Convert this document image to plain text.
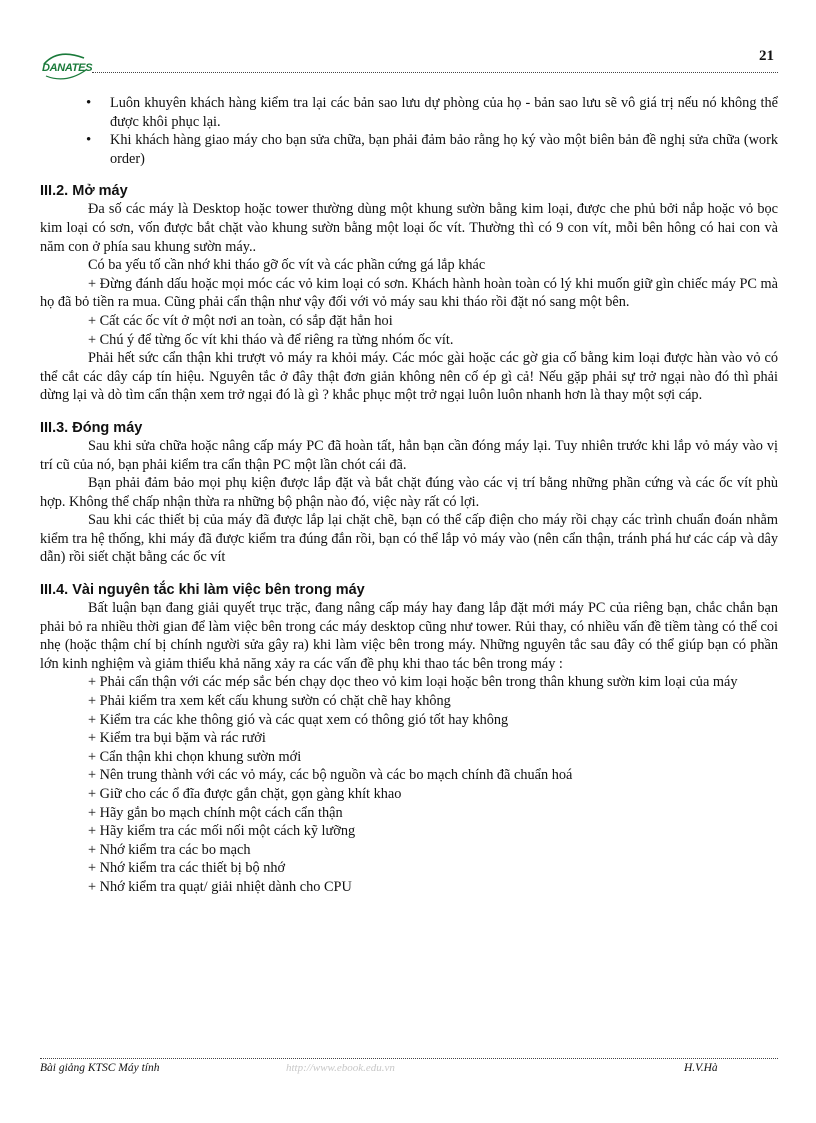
DANATES
21
• Luôn khuyên khách hàng kiểm tra lại các bản sao lưu dự phòng của họ - bản sao lưu sẽ vô giá trị nếu nó không thể được khôi phục lại.
• Khi khách hàng giao máy cho bạn sửa chữa, bạn phải đảm bảo rằng họ ký vào một biên bản đề nghị sửa chữa (work order)
III.2. Mở máy

Đa số các máy là Desktop hoặc tower thường dùng một khung sườn bằng kim loại, được che phủ bởi nắp hoặc vỏ bọc kim loại có sơn, vốn được bắt chặt vào khung sườn bằng một loại ốc vít. Thường thì có 9 con vít, mỗi bên hông có hai con và năm con ở phía sau khung sườn máy..

Có ba yếu tố cần nhớ khi tháo gỡ ốc vít và các phần cứng gá lắp khác

+ Đừng đánh dấu hoặc mọi móc các vỏ kim loại có sơn. Khách hành hoàn toàn có lý khi muốn giữ gìn chiếc máy PC mà họ đã bỏ tiền ra mua. Cũng phải cẩn thận như vậy đối với vỏ máy sau khi tháo rồi đặt nó sang một bên.

+ Cất các ốc vít ở một nơi an toàn, có sắp đặt hẳn hoi

+ Chú ý để từng ốc vít khi tháo và để riêng ra từng nhóm ốc vít.

Phải hết sức cẩn thận khi trượt vỏ máy ra khỏi máy. Các móc gài hoặc các gờ gia cố bằng kim loại được hàn vào vỏ có thể cắt các dây cáp tín hiệu. Nguyên tắc ở đây thật đơn giản không nên cố ép gì cả! Nếu gặp phải sự trở ngại nào đó thì phải dừng lại và dò tìm cẩn thận xem trở ngại đó là gì ? khắc phục một trở ngại luôn luôn nhanh hơn là thay một sợi cáp.

III.3. Đóng máy

Sau khi sửa chữa hoặc nâng cấp máy PC đã hoàn tất, hẳn bạn cần đóng máy lại. Tuy nhiên trước khi lắp vỏ máy vào vị trí cũ của nó, bạn phải kiểm tra cẩn thận PC một lần chót cái đã.

Bạn phải đảm bảo mọi phụ kiện được lắp đặt và bắt chặt đúng vào các vị trí bằng những phần cứng và các ốc vít phù hợp. Không thể chấp nhận thừa ra những bộ phận nào đó, việc này rất có lợi.

Sau khi các thiết bị của máy đã được lắp lại chặt chẽ, bạn có thể cấp điện cho máy rồi chạy các trình chuẩn đoán nhằm kiểm tra hệ thống, khi máy đã được kiểm tra đúng đắn rồi, bạn có thể lắp vỏ máy vào (nên cẩn thận, tránh phá hư các cáp và dây dẫn) rồi siết chặt bằng các ốc vít

III.4. Vài nguyên tắc khi làm việc bên trong máy

Bất luận bạn đang giải quyết trục trặc, đang nâng cấp máy hay đang lắp đặt mới máy PC của riêng bạn, chắc chắn bạn phải bỏ ra nhiều thời gian để làm việc bên trong các máy desktop cũng như tower. Rủi thay, có nhiều vấn đề tiềm tàng có thể coi nhẹ (hoặc thậm chí bị chính người sửa gây ra) khi làm việc bên trong máy. Những nguyên tắc sau đây có thể giúp bạn có phần lớn kinh nghiệm và giảm thiểu khả năng xảy ra các vấn đề phụ khi thao tác bên trong máy :

+ Phải cẩn thận với các mép sắc bén chạy dọc theo vỏ kim loại hoặc bên trong thân khung sườn kim loại của máy

+ Phải kiểm tra xem kết cấu khung sườn có chặt chẽ hay không

+ Kiểm tra các khe thông gió và các quạt xem có thông gió tốt hay không

+ Kiểm tra bụi bặm và rác rưởi

+ Cẩn thận khi chọn khung sườn mới

+ Nên trung thành với các vỏ máy, các bộ nguồn và các bo mạch chính đã chuẩn hoá

+ Giữ cho các ổ đĩa được gắn chặt, gọn gàng khít khao

+ Hãy gắn bo mạch chính một cách cẩn thận

+ Hãy kiểm tra các mối nối một cách kỹ lưỡng

+ Nhớ kiểm tra các bo mạch

+ Nhớ kiểm tra các thiết bị bộ nhớ

+ Nhớ kiểm tra quạt/ giải nhiệt dành cho CPU

Bài giảng KTSC Máy tính	http://www.ebook.edu.vn	H.V.Hà
